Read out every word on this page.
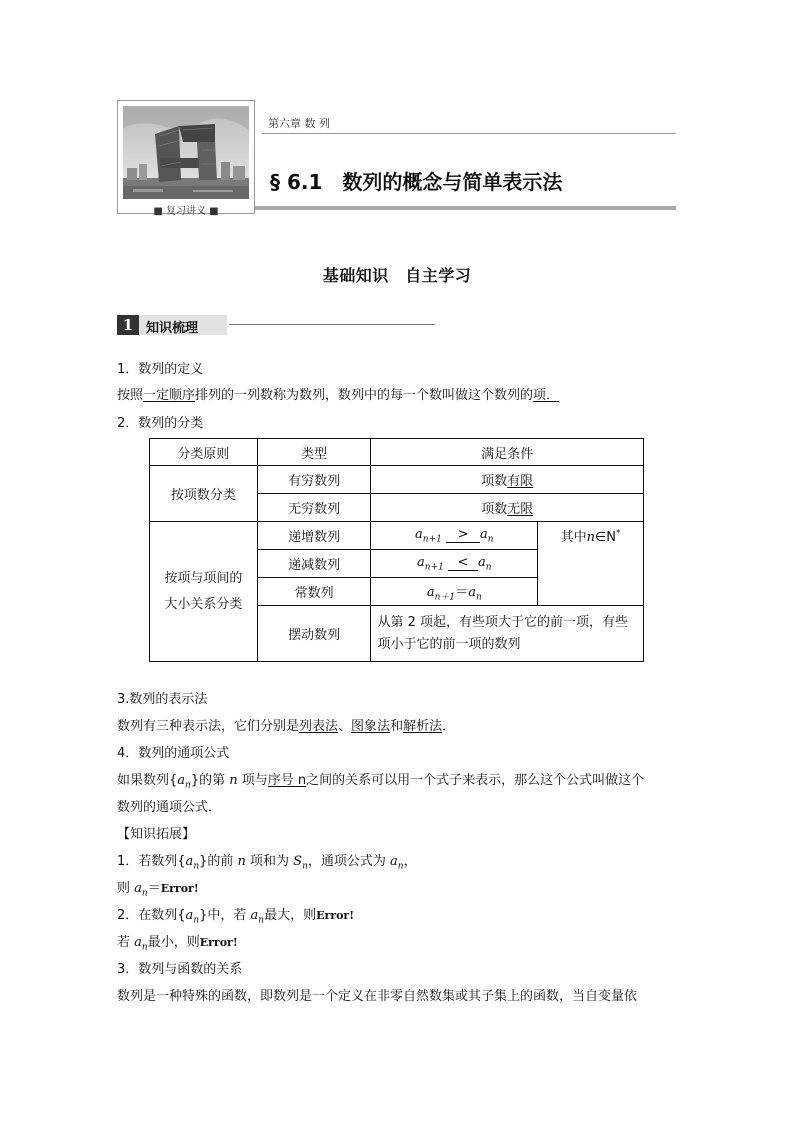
■ 复习讲义 ■
第六章 数 列
§ 6.1　数列的概念与简单表示法
基础知识　自主学习
1 知识梳理
1．数列的定义
按照一定顺序排列的一列数称为数列，数列中的每一个数叫做这个数列的项．
2．数列的分类
分类原则	类型	满足条件	
按项数分类	有穷数列	项数有限	
	无穷数列	项数无限	

按项与项间的
大小关系分类	递增数列	$a_{n+1} > a_n$	其中n∈N*
	递减数列	$a_{n+1} < a_n$
	常数列	$a_{n+1}=a_n$
	摆动数列	从第 2 项起，有些项大于它的前一项，有些项小于它的前一项的数列	
3.数列的表示法
数列有三种表示法，它们分别是列表法、图象法和解析法．
4．数列的通项公式
如果数列$\{a_n\}$的第 n 项与序号 n之间的关系可以用一个式子来表示，那么这个公式叫做这个
数列的通项公式．
【知识拓展】
1．若数列$\{a_n\}$的前 n 项和为 $S_n$，通项公式为 $a_n$，
则 $a_n=Error$!
2．在数列$\{a_n\}$中，若 $a_n$最大，则Error!
若 $a_n$最小，则Error!
3．数列与函数的关系
数列是一种特殊的函数，即数列是一个定义在非零自然数集或其子集上的函数，当自变量依
